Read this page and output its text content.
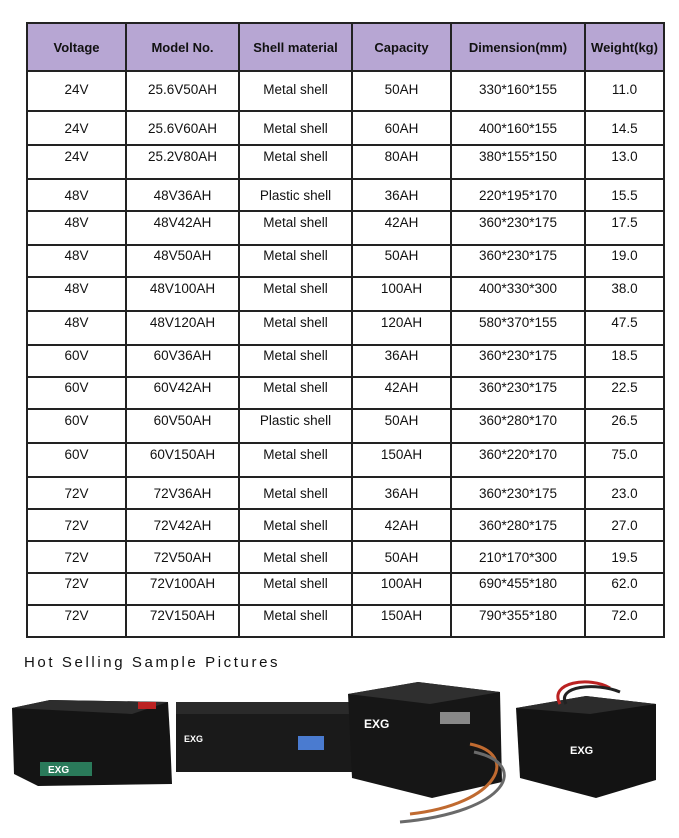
Voltage	Model No.	Shell material	Capacity	Dimension(mm)	Weight(kg)
24V	25.6V50AH	Metal shell	50AH	330*160*155	11.0
24V	25.6V60AH	Metal shell	60AH	400*160*155	14.5
24V	25.2V80AH	Metal shell	80AH	380*155*150	13.0
48V	48V36AH	Plastic shell	36AH	220*195*170	15.5
48V	48V42AH	Metal shell	42AH	360*230*175	17.5
48V	48V50AH	Metal shell	50AH	360*230*175	19.0
48V	48V100AH	Metal shell	100AH	400*330*300	38.0
48V	48V120AH	Metal shell	120AH	580*370*155	47.5
60V	60V36AH	Metal shell	36AH	360*230*175	18.5
60V	60V42AH	Metal shell	42AH	360*230*175	22.5
60V	60V50AH	Plastic shell	50AH	360*280*170	26.5
60V	60V150AH	Metal shell	150AH	360*220*170	75.0
72V	72V36AH	Metal shell	36AH	360*230*175	23.0
72V	72V42AH	Metal shell	42AH	360*280*175	27.0
72V	72V50AH	Metal shell	50AH	210*170*300	19.5
72V	72V100AH	Metal shell	100AH	690*455*180	62.0
72V	72V150AH	Metal shell	150AH	790*355*180	72.0
Hot Selling Sample Pictures
EXG
EXG
EXG
EXG
